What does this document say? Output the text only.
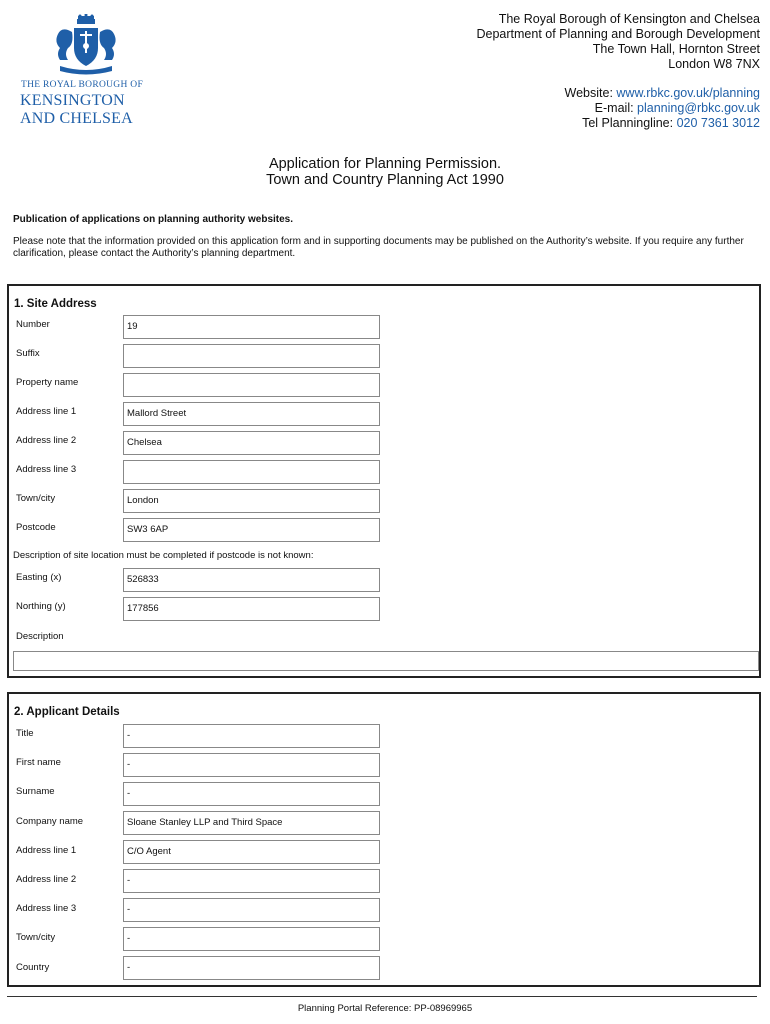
THE ROYAL BOROUGH OF
KENSINGTON
AND CHELSEA
The Royal Borough of Kensington and Chelsea
Department of Planning and Borough Development
The Town Hall, Hornton Street
London W8 7NX
Website: www.rbkc.gov.uk/planning
E-mail: planning@rbkc.gov.uk
Tel Planningline: 020 7361 3012
Application for Planning Permission.
Town and Country Planning Act 1990
Publication of applications on planning authority websites.
Please note that the information provided on this application form and in supporting documents may be published on the Authority’s website. If you require any further clarification, please contact the Authority’s planning department.
1. Site Address
Number	19
Suffix
Property name
Address line 1	Mallord Street
Address line 2	Chelsea
Address line 3
Town/city	London
Postcode	SW3 6AP
Description of site location must be completed if postcode is not known:
Easting (x)	526833
Northing (y)	177856
Description
2. Applicant Details
Title	-
First name	-
Surname	-
Company name	Sloane Stanley LLP and Third Space
Address line 1	C/O Agent
Address line 2	-
Address line 3	-
Town/city	-
Country	-
Planning Portal Reference: PP-08969965
